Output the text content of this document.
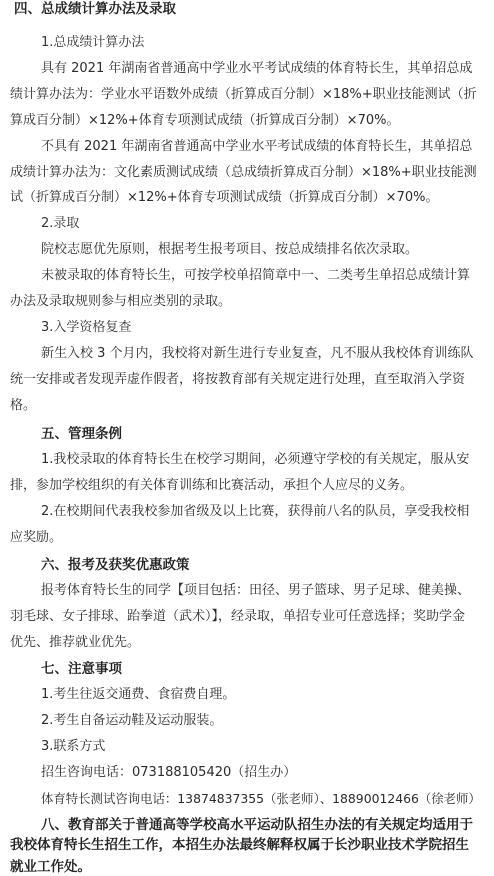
四、总成绩计算办法及录取
1.总成绩计算办法
具有 2021 年湖南省普通高中学业水平考试成绩的体育特长生，其单招总成
绩计算办法为：学业水平语数外成绩（折算成百分制）×18%+职业技能测试（折
算成百分制）×12%+体育专项测试成绩（折算成百分制）×70%。
不具有 2021 年湖南省普通高中学业水平考试成绩的体育特长生，其单招总
成绩计算办法为：文化素质测试成绩（总成绩折算成百分制）×18%+职业技能测
试（折算成百分制）×12%+体育专项测试成绩（折算成百分制）×70%。
2.录取
院校志愿优先原则，根据考生报考项目、按总成绩排名依次录取。
未被录取的体育特长生，可按学校单招简章中一、二类考生单招总成绩计算
办法及录取规则参与相应类别的录取。
3.入学资格复查
新生入校 3 个月内，我校将对新生进行专业复查，凡不服从我校体育训练队
统一安排或者发现弄虚作假者，将按教育部有关规定进行处理，直至取消入学资
格。
五、管理条例
1.我校录取的体育特长生在校学习期间，必须遵守学校的有关规定，服从安
排，参加学校组织的有关体育训练和比赛活动，承担个人应尽的义务。
2.在校期间代表我校参加省级及以上比赛，获得前八名的队员，享受我校相
应奖励。
六、报考及获奖优惠政策
报考体育特长生的同学【项目包括：田径、男子篮球、男子足球、健美操、
羽毛球、女子排球、跆拳道（武术）】，经录取，单招专业可任意选择；奖助学金
优先、推荐就业优先。
七、注意事项
1.考生往返交通费、食宿费自理。
2.考生自备运动鞋及运动服装。
3.联系方式
招生咨询电话：073188105420（招生办）
体育特长测试咨询电话：13874837355（张老师）、18890012466（徐老师）
八、教育部关于普通高等学校高水平运动队招生办法的有关规定均适用于
我校体育特长生招生工作，本招生办法最终解释权属于长沙职业技术学院招生
就业工作处。
